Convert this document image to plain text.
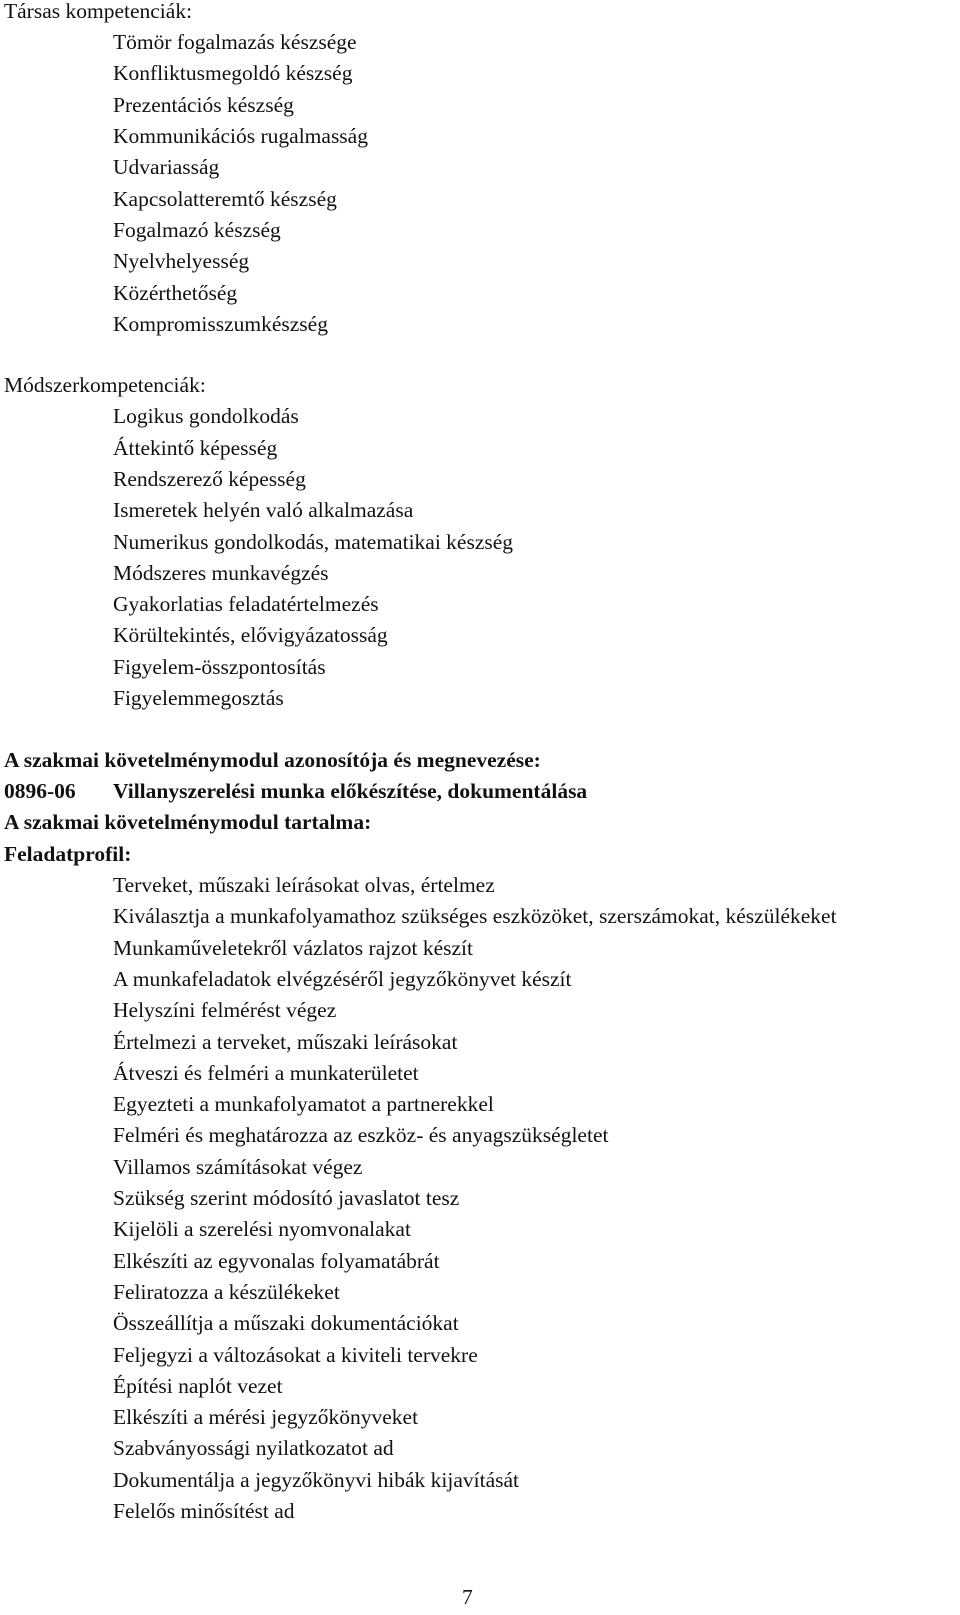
Társas kompetenciák:
Tömör fogalmazás készsége
Konfliktusmegoldó készség
Prezentációs készség
Kommunikációs rugalmasság
Udvariasság
Kapcsolatteremtő készség
Fogalmazó készség
Nyelvhelyesség
Közérthetőség
Kompromisszumkészség
Módszerkompetenciák:
Logikus gondolkodás
Áttekintő képesség
Rendszerező képesség
Ismeretek helyén való alkalmazása
Numerikus gondolkodás, matematikai készség
Módszeres munkavégzés
Gyakorlatias feladatértelmezés
Körültekintés, elővigyázatosság
Figyelem-összpontosítás
Figyelemmegosztás
A szakmai követelménymodul azonosítója és megnevezése:
0896-06 Villanyszerelési munka előkészítése, dokumentálása
A szakmai követelménymodul tartalma:
Feladatprofil:
Terveket, műszaki leírásokat olvas, értelmez
Kiválasztja a munkafolyamathoz szükséges eszközöket, szerszámokat, készülékeket
Munkaműveletekről vázlatos rajzot készít
A munkafeladatok elvégzéséről jegyzőkönyvet készít
Helyszíni felmérést végez
Értelmezi a terveket, műszaki leírásokat
Átveszi és felméri a munkaterületet
Egyezteti a munkafolyamatot a partnerekkel
Felméri és meghatározza az eszköz- és anyagszükségletet
Villamos számításokat végez
Szükség szerint módosító javaslatot tesz
Kijelöli a szerelési nyomvonalakat
Elkészíti az egyvonalas folyamatábrát
Feliratozza a készülékeket
Összeállítja a műszaki dokumentációkat
Feljegyzi a változásokat a kiviteli tervekre
Építési naplót vezet
Elkészíti a mérési jegyzőkönyveket
Szabványossági nyilatkozatot ad
Dokumentálja a jegyzőkönyvi hibák kijavítását
Felelős minősítést ad
7
